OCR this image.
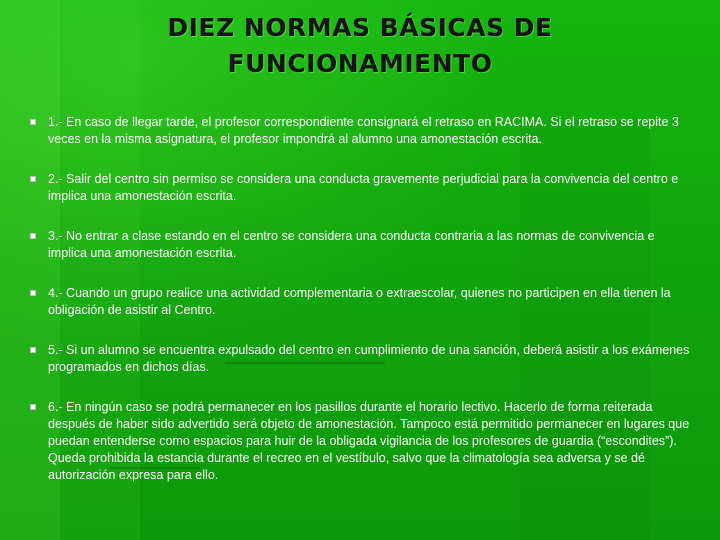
DIEZ NORMAS BÁSICAS DE
FUNCIONAMIENTO
1.- En caso de llegar tarde, el profesor correspondiente consignará el retraso en RACIMA. Si el retraso se repite 3 veces en la misma asignatura, el profesor impondrá al alumno una amonestación escrita.
2.- Salir del centro sin permiso se considera una conducta gravemente perjudicial para la convivencia del centro e implica una amonestación escrita.
3.- No entrar a clase estando en el centro se considera una conducta contraria a las normas de convivencia e implica una amonestación escrita.
4.- Cuando un grupo realice una actividad complementaria o extraescolar, quienes no participen en ella tienen la obligación de asistir al Centro.
5.- Si un alumno se encuentra expulsado del centro en cumplimiento de una sanción, deberá asistir a los exámenes programados en dichos días.
6.- En ningún caso se podrá permanecer en los pasillos durante el horario lectivo. Hacerlo de forma reiterada después de haber sido advertido será objeto de amonestación. Tampoco está permitido permanecer en lugares que puedan entenderse como espacios para huir de la obligada vigilancia de los profesores de guardia (“escondites”). Queda prohibida la estancia durante el recreo en el vestíbulo, salvo que la climatología sea adversa y se dé autorización expresa para ello.
